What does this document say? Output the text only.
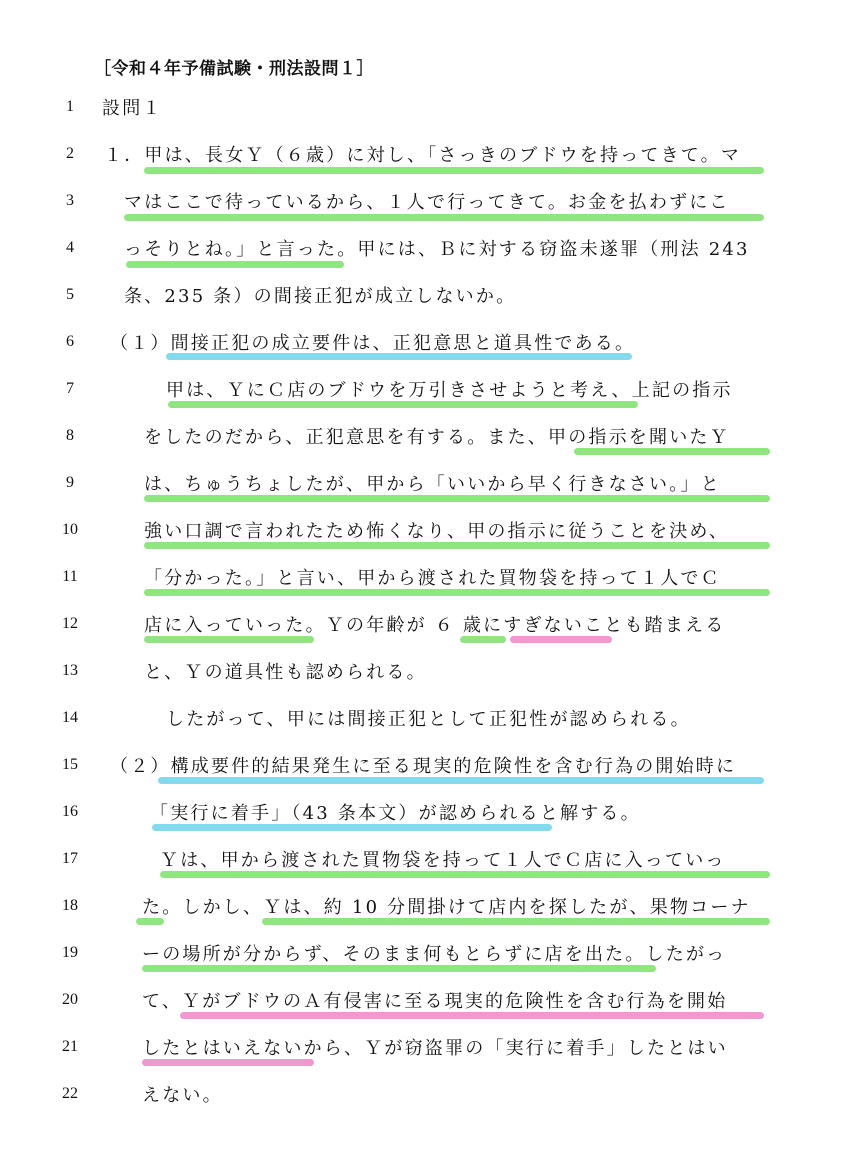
［令和４年予備試験・刑法設問１］
1	設問１
2	１．甲は、長女Ｙ（６歳）に対し、「さっきのブドウを持ってきて。マ
3	マはここで待っているから、１人で行ってきて。お金を払わずにこ
4	っそりとね。」と言った。甲には、Ｂに対する窃盗未遂罪（刑法 243
5	条、235 条）の間接正犯が成立しないか。
6	（１）間接正犯の成立要件は、正犯意思と道具性である。
7	甲は、ＹにＣ店のブドウを万引きさせようと考え、上記の指示
8	をしたのだから、正犯意思を有する。また、甲の指示を聞いたＹ
9	は、ちゅうちょしたが、甲から「いいから早く行きなさい。」と
10	強い口調で言われたため怖くなり、甲の指示に従うことを決め、
11	「分かった。」と言い、甲から渡された買物袋を持って１人でＣ
12	店に入っていった。Ｙの年齢が ６ 歳にすぎないことも踏まえる
13	と、Ｙの道具性も認められる。
14	したがって、甲には間接正犯として正犯性が認められる。
15	（２）構成要件的結果発生に至る現実的危険性を含む行為の開始時に
16	「実行に着手」（43 条本文）が認められると解する。
17	Ｙは、甲から渡された買物袋を持って１人でＣ店に入っていっ
18	た。しかし、Ｙは、約 10 分間掛けて店内を探したが、果物コーナ
19	ーの場所が分からず、そのまま何もとらずに店を出た。したがっ
20	て、ＹがブドウのＡ有侵害に至る現実的危険性を含む行為を開始
21	したとはいえないから、Ｙが窃盗罪の「実行に着手」したとはい
22	えない。
